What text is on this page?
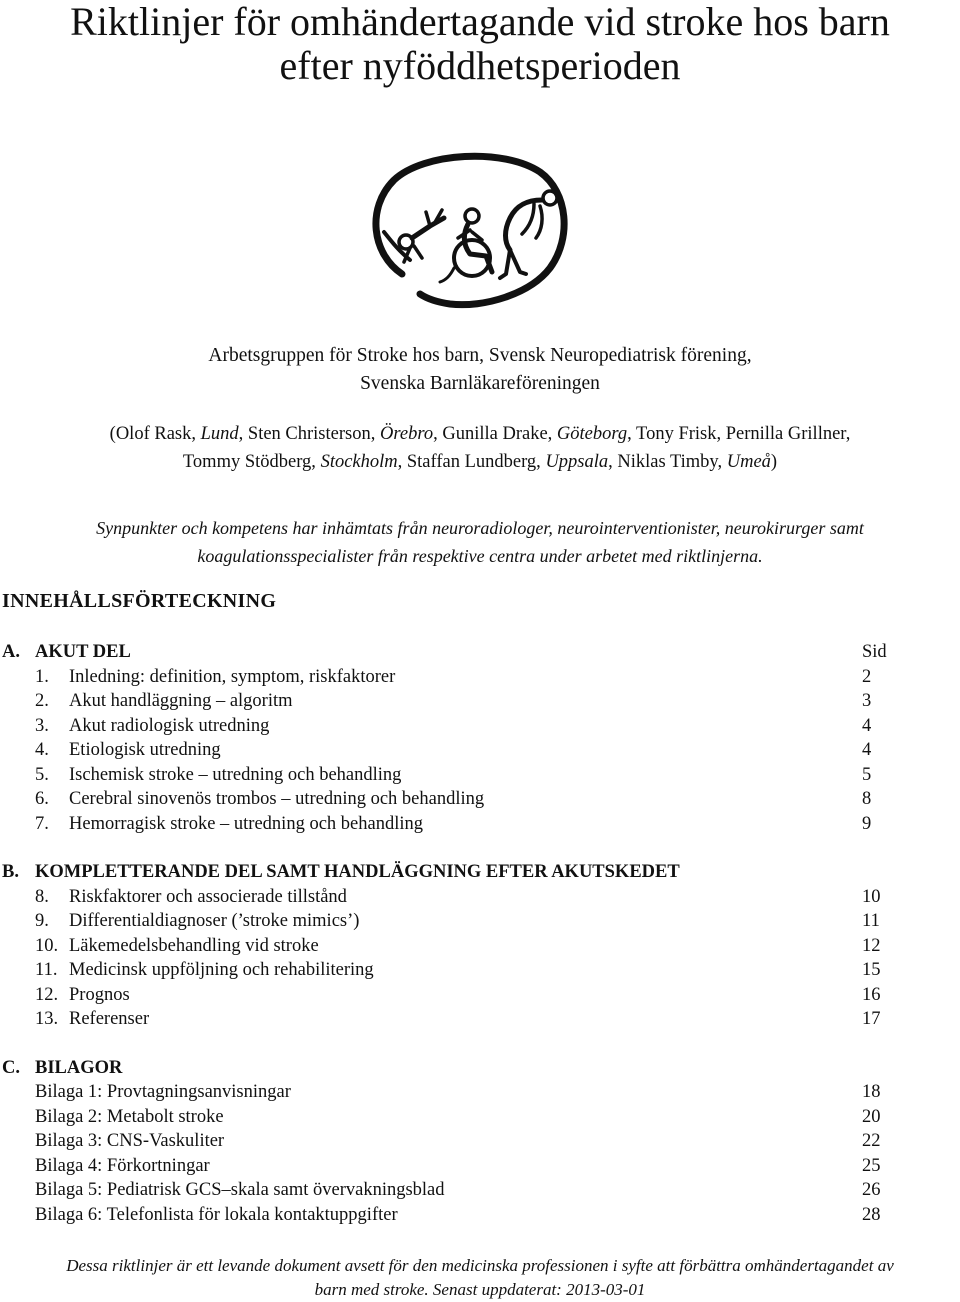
Riktlinjer för omhändertagande vid stroke hos barn
efter nyföddhetsperioden
Arbetsgruppen för Stroke hos barn, Svensk Neuropediatrisk förening,
Svenska Barnläkareföreningen
(Olof Rask, Lund, Sten Christerson, Örebro, Gunilla Drake, Göteborg, Tony Frisk, Pernilla Grillner,
Tommy Stödberg, Stockholm, Staffan Lundberg, Uppsala, Niklas Timby, Umeå)
Synpunkter och kompetens har inhämtats från neuroradiologer, neurointerventionister, neurokirurger samt
koagulationsspecialister från respektive centra under arbetet med riktlinjerna.
INNEHÅLLSFÖRTECKNING
A. AKUT DEL	Sid
1. Inledning: definition, symptom, riskfaktorer	2
2. Akut handläggning – algoritm	3
3. Akut radiologisk utredning	4
4. Etiologisk utredning	4
5. Ischemisk stroke – utredning och behandling	5
6. Cerebral sinovenös trombos – utredning och behandling	8
7. Hemorragisk stroke – utredning och behandling	9
B. KOMPLETTERANDE DEL SAMT HANDLÄGGNING EFTER AKUTSKEDET
8. Riskfaktorer och associerade tillstånd	10
9. Differentialdiagnoser (’stroke mimics’)	11
10. Läkemedelsbehandling vid stroke	12
11. Medicinsk uppföljning och rehabilitering	15
12. Prognos	16
13. Referenser	17
C. BILAGOR
Bilaga 1: Provtagningsanvisningar	18
Bilaga 2: Metabolt stroke	20
Bilaga 3: CNS-Vaskuliter	22
Bilaga 4: Förkortningar	25
Bilaga 5: Pediatrisk GCS–skala samt övervakningsblad	26
Bilaga 6: Telefonlista för lokala kontaktuppgifter	28
Dessa riktlinjer är ett levande dokument avsett för den medicinska professionen i syfte att förbättra omhändertagandet av
barn med stroke. Senast uppdaterat: 2013-03-01
